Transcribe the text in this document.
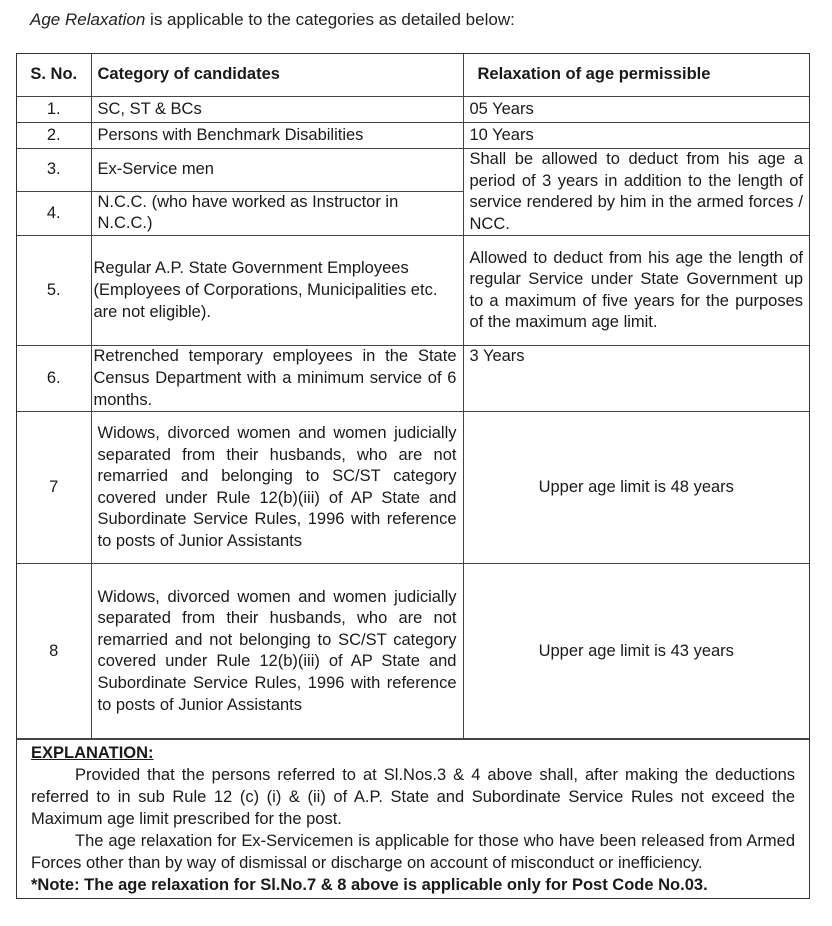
Age Relaxation is applicable to the categories as detailed below:
S. No.	Category of candidates	Relaxation of age permissible
1.	SC, ST & BCs	05 Years
2.	Persons with Benchmark Disabilities	10 Years
3.	Ex-Service men	Shall be allowed to deduct from his age a period of 3 years in addition to the length of service rendered by him in the armed forces / NCC.
4.	N.C.C. (who have worked as Instructor in N.C.C.)	
5.	Regular A.P. State Government Employees (Employees of Corporations, Municipalities etc. are not eligible).	Allowed to deduct from his age the length of regular Service under State Government up to a maximum of five years for the purposes of the maximum age limit.
6.	Retrenched temporary employees in the State Census Department with a minimum service of 6 months.	3 Years
7	Widows, divorced women and women judicially separated from their husbands, who are not remarried and belonging to SC/ST category covered under Rule 12(b)(iii) of AP State and Subordinate Service Rules, 1996 with reference to posts of Junior Assistants	Upper age limit is 48 years
8	Widows, divorced women and women judicially separated from their husbands, who are not remarried and not belonging to SC/ST category covered under Rule 12(b)(iii) of AP State and Subordinate Service Rules, 1996 with reference to posts of Junior Assistants	Upper age limit is 43 years
EXPLANATION:

Provided that the persons referred to at Sl.Nos.3 & 4 above shall, after making the deductions referred to in sub Rule 12 (c) (i) & (ii) of A.P. State and Subordinate Service Rules not exceed the Maximum age limit prescribed for the post.

The age relaxation for Ex-Servicemen is applicable for those who have been released from Armed Forces other than by way of dismissal or discharge on account of misconduct or inefficiency.

*Note: The age relaxation for Sl.No.7 & 8 above is applicable only for Post Code No.03.
